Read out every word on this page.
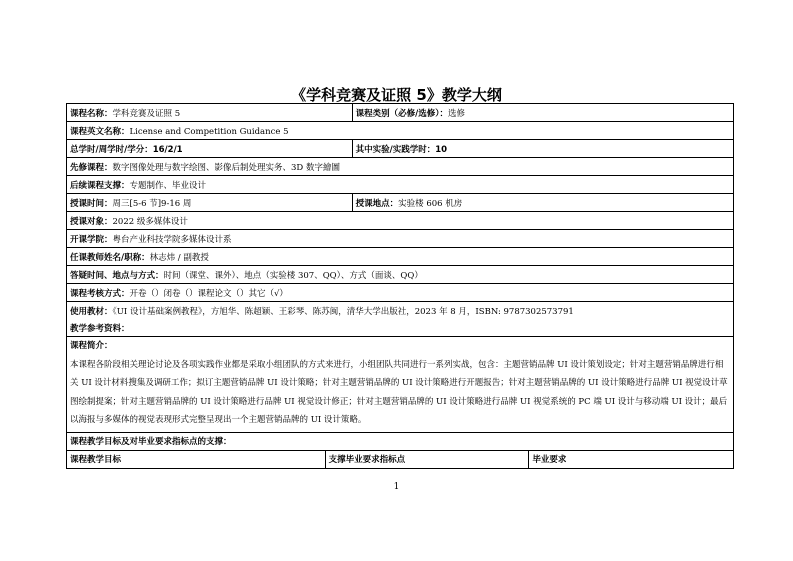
《学科竞赛及证照 5》教学大纲
课程名称：学科竞赛及证照 5		课程类别（必修/选修）：选修	
课程英文名称：License and Competition Guidance 5			
总学时/周学时/学分：16/2/1		其中实验/实践学时：10	
先修课程：数字图像处理与数字绘图、影像后制处理实务、3D 数字繪圖			
后续课程支撑：专题制作、毕业设计			
授课时间：周三[5-6 节]9-16 周		授课地点：实验楼 606 机房	
授课对象：2022 级多媒体设计			
开课学院：粤台产业科技学院多媒体设计系			
任课教师姓名/职称：林志炜 / 副教授			
答疑时间、地点与方式：时间（课堂、课外）、地点（实验楼 307、QQ）、方式（面谈、QQ）			
课程考核方式：开卷（）闭卷（）课程论文（）其它（√）			
使用教材：《UI 设计基础案例教程》，方旭华、陈超颖、王彩琴、陈苏闽，清华大学出版社，2023 年 8 月，ISBN: 9787302573791			
教学参考资料：			
课程简介：
本课程各阶段相关理论讨论及各项实践作业都是采取小组团队的方式来进行，小组团队共同进行一系列实战，包含：主题营销品牌 UI 设计策划设定；针对主题营销品牌进行相关 UI 设计材料搜集及调研工作；拟订主题营销品牌 UI 设计策略；针对主题营销品牌的 UI 设计策略进行开题报告；针对主题营销品牌的 UI 设计策略进行品牌 UI 视觉设计草图绘制提案；针对主题营销品牌的 UI 设计策略进行品牌 UI 视觉设计修正；针对主题营销品牌的 UI 设计策略进行品牌 UI 视觉系统的 PC 端 UI 设计与移动端 UI 设计；最后以海报与多媒体的视觉表现形式完整呈现出一个主题营销品牌的 UI 设计策略。			
课程教学目标及对毕业要求指标点的支撑：			
课程教学目标	支撑毕业要求指标点		毕业要求
1
